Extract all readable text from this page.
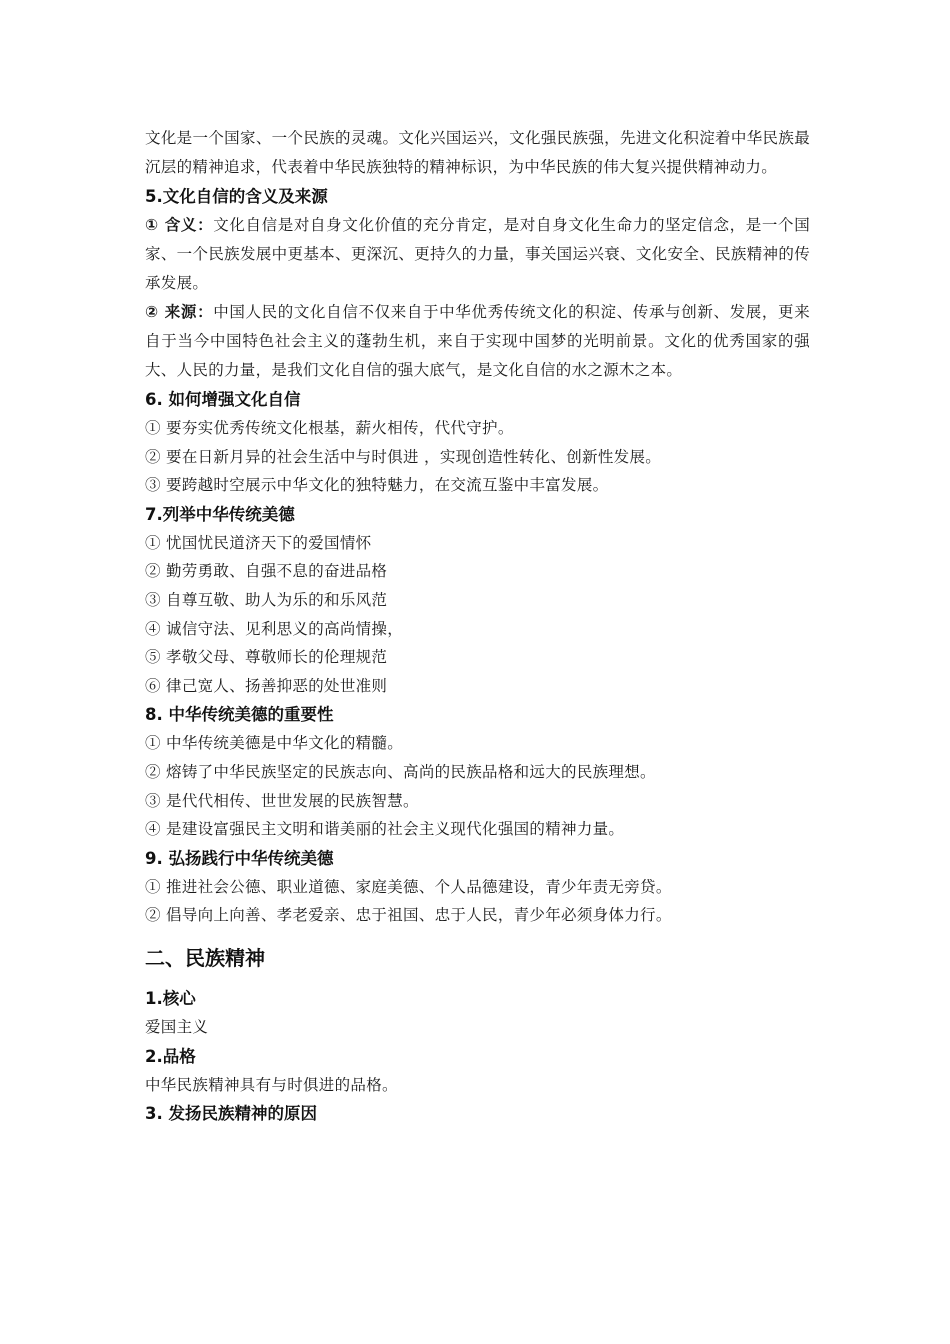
文化是一个国家、一个民族的灵魂。文化兴国运兴，文化强民族强，先进文化积淀着中华民族最沉层的精神追求，代表着中华民族独特的精神标识，为中华民族的伟大复兴提供精神动力。

5.文化自信的含义及来源

① 含义：文化自信是对自身文化价值的充分肯定，是对自身文化生命力的坚定信念，是一个国家、一个民族发展中更基本、更深沉、更持久的力量，事关国运兴衰、文化安全、民族精神的传承发展。

② 来源：中国人民的文化自信不仅来自于中华优秀传统文化的积淀、传承与创新、发展，更来自于当今中国特色社会主义的蓬勃生机，来自于实现中国梦的光明前景。文化的优秀国家的强大、人民的力量，是我们文化自信的强大底气，是文化自信的水之源木之本。

6. 如何增强文化自信

① 要夯实优秀传统文化根基，薪火相传，代代守护。

② 要在日新月异的社会生活中与时俱进 ，实现创造性转化、创新性发展。

③ 要跨越时空展示中华文化的独特魅力，在交流互鉴中丰富发展。

7.列举中华传统美德

① 忧国忧民道济天下的爱国情怀

② 勤劳勇敢、自强不息的奋进品格

③ 自尊互敬、助人为乐的和乐风范

④ 诚信守法、见利思义的高尚情操，

⑤ 孝敬父母、尊敬师长的伦理规范

⑥ 律己宽人、扬善抑恶的处世准则

8. 中华传统美德的重要性

① 中华传统美德是中华文化的精髓。

② 熔铸了中华民族坚定的民族志向、高尚的民族品格和远大的民族理想。

③ 是代代相传、世世发展的民族智慧。

④ 是建设富强民主文明和谐美丽的社会主义现代化强国的精神力量。

9. 弘扬践行中华传统美德

① 推进社会公德、职业道德、家庭美德、个人品德建设，青少年责无旁贷。

② 倡导向上向善、孝老爱亲、忠于祖国、忠于人民，青少年必须身体力行。

二、民族精神

1.核心

爱国主义

2.品格

中华民族精神具有与时俱进的品格。

3. 发扬民族精神的原因
